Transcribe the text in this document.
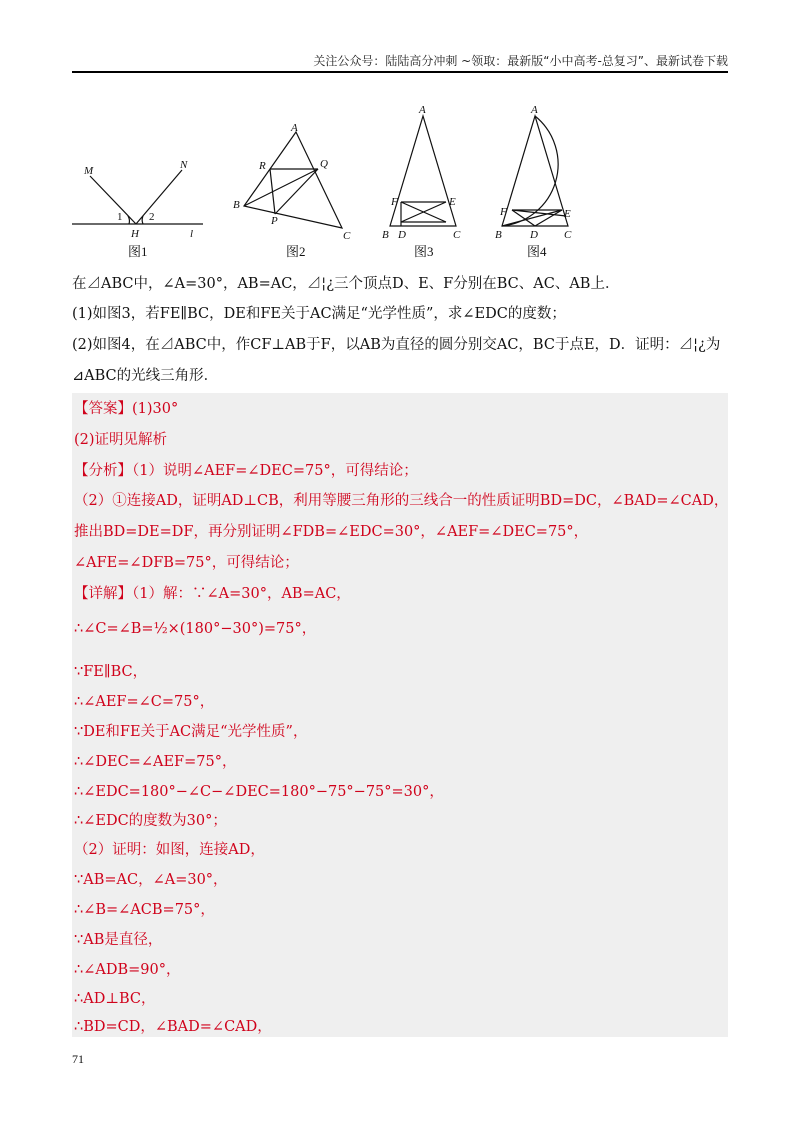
关注公众号：陆陆高分冲刺 ~领取：最新版“小中高考-总复习”、最新试卷下载
M	N
1 2
H	l
图1
A
R	Q
B
P
C
图2
A
F	E
B D	C
图3
A
F	E
B	D C
图4
在⊿ABC中，∠A=30°，AB=AC，⊿¦¿三个顶点D、E、F分别在BC、AC、AB上．
(1)如图3，若FE∥BC，DE和FE关于AC满足“光学性质”，求∠EDC的度数；
(2)如图4，在⊿ABC中，作CF⊥AB于F，以AB为直径的圆分别交AC，BC于点E，D．证明：⊿¦¿为
⊿ABC的光线三角形．
【答案】(1)30°
(2)证明见解析
【分析】（1）说明∠AEF=∠DEC=75°，可得结论；
（2）①连接AD，证明AD⊥CB，利用等腰三角形的三线合一的性质证明BD=DC，∠BAD=∠CAD，
推出BD=DE=DF，再分别证明∠FDB=∠EDC=30°，∠AEF=∠DEC=75°，
∠AFE=∠DFB=75°，可得结论；
【详解】（1）解：∵∠A=30°，AB=AC，
∴∠C=∠B=½×(180°−30°)=75°，
∵FE∥BC，
∴∠AEF=∠C=75°，
∵DE和FE关于AC满足“光学性质”，
∴∠DEC=∠AEF=75°，
∴∠EDC=180°−∠C−∠DEC=180°−75°−75°=30°，
∴∠EDC的度数为30°；
（2）证明：如图，连接AD，
∵AB=AC，∠A=30°，
∴∠B=∠ACB=75°，
∵AB是直径，
∴∠ADB=90°，
∴AD⊥BC，
∴BD=CD，∠BAD=∠CAD，
71
